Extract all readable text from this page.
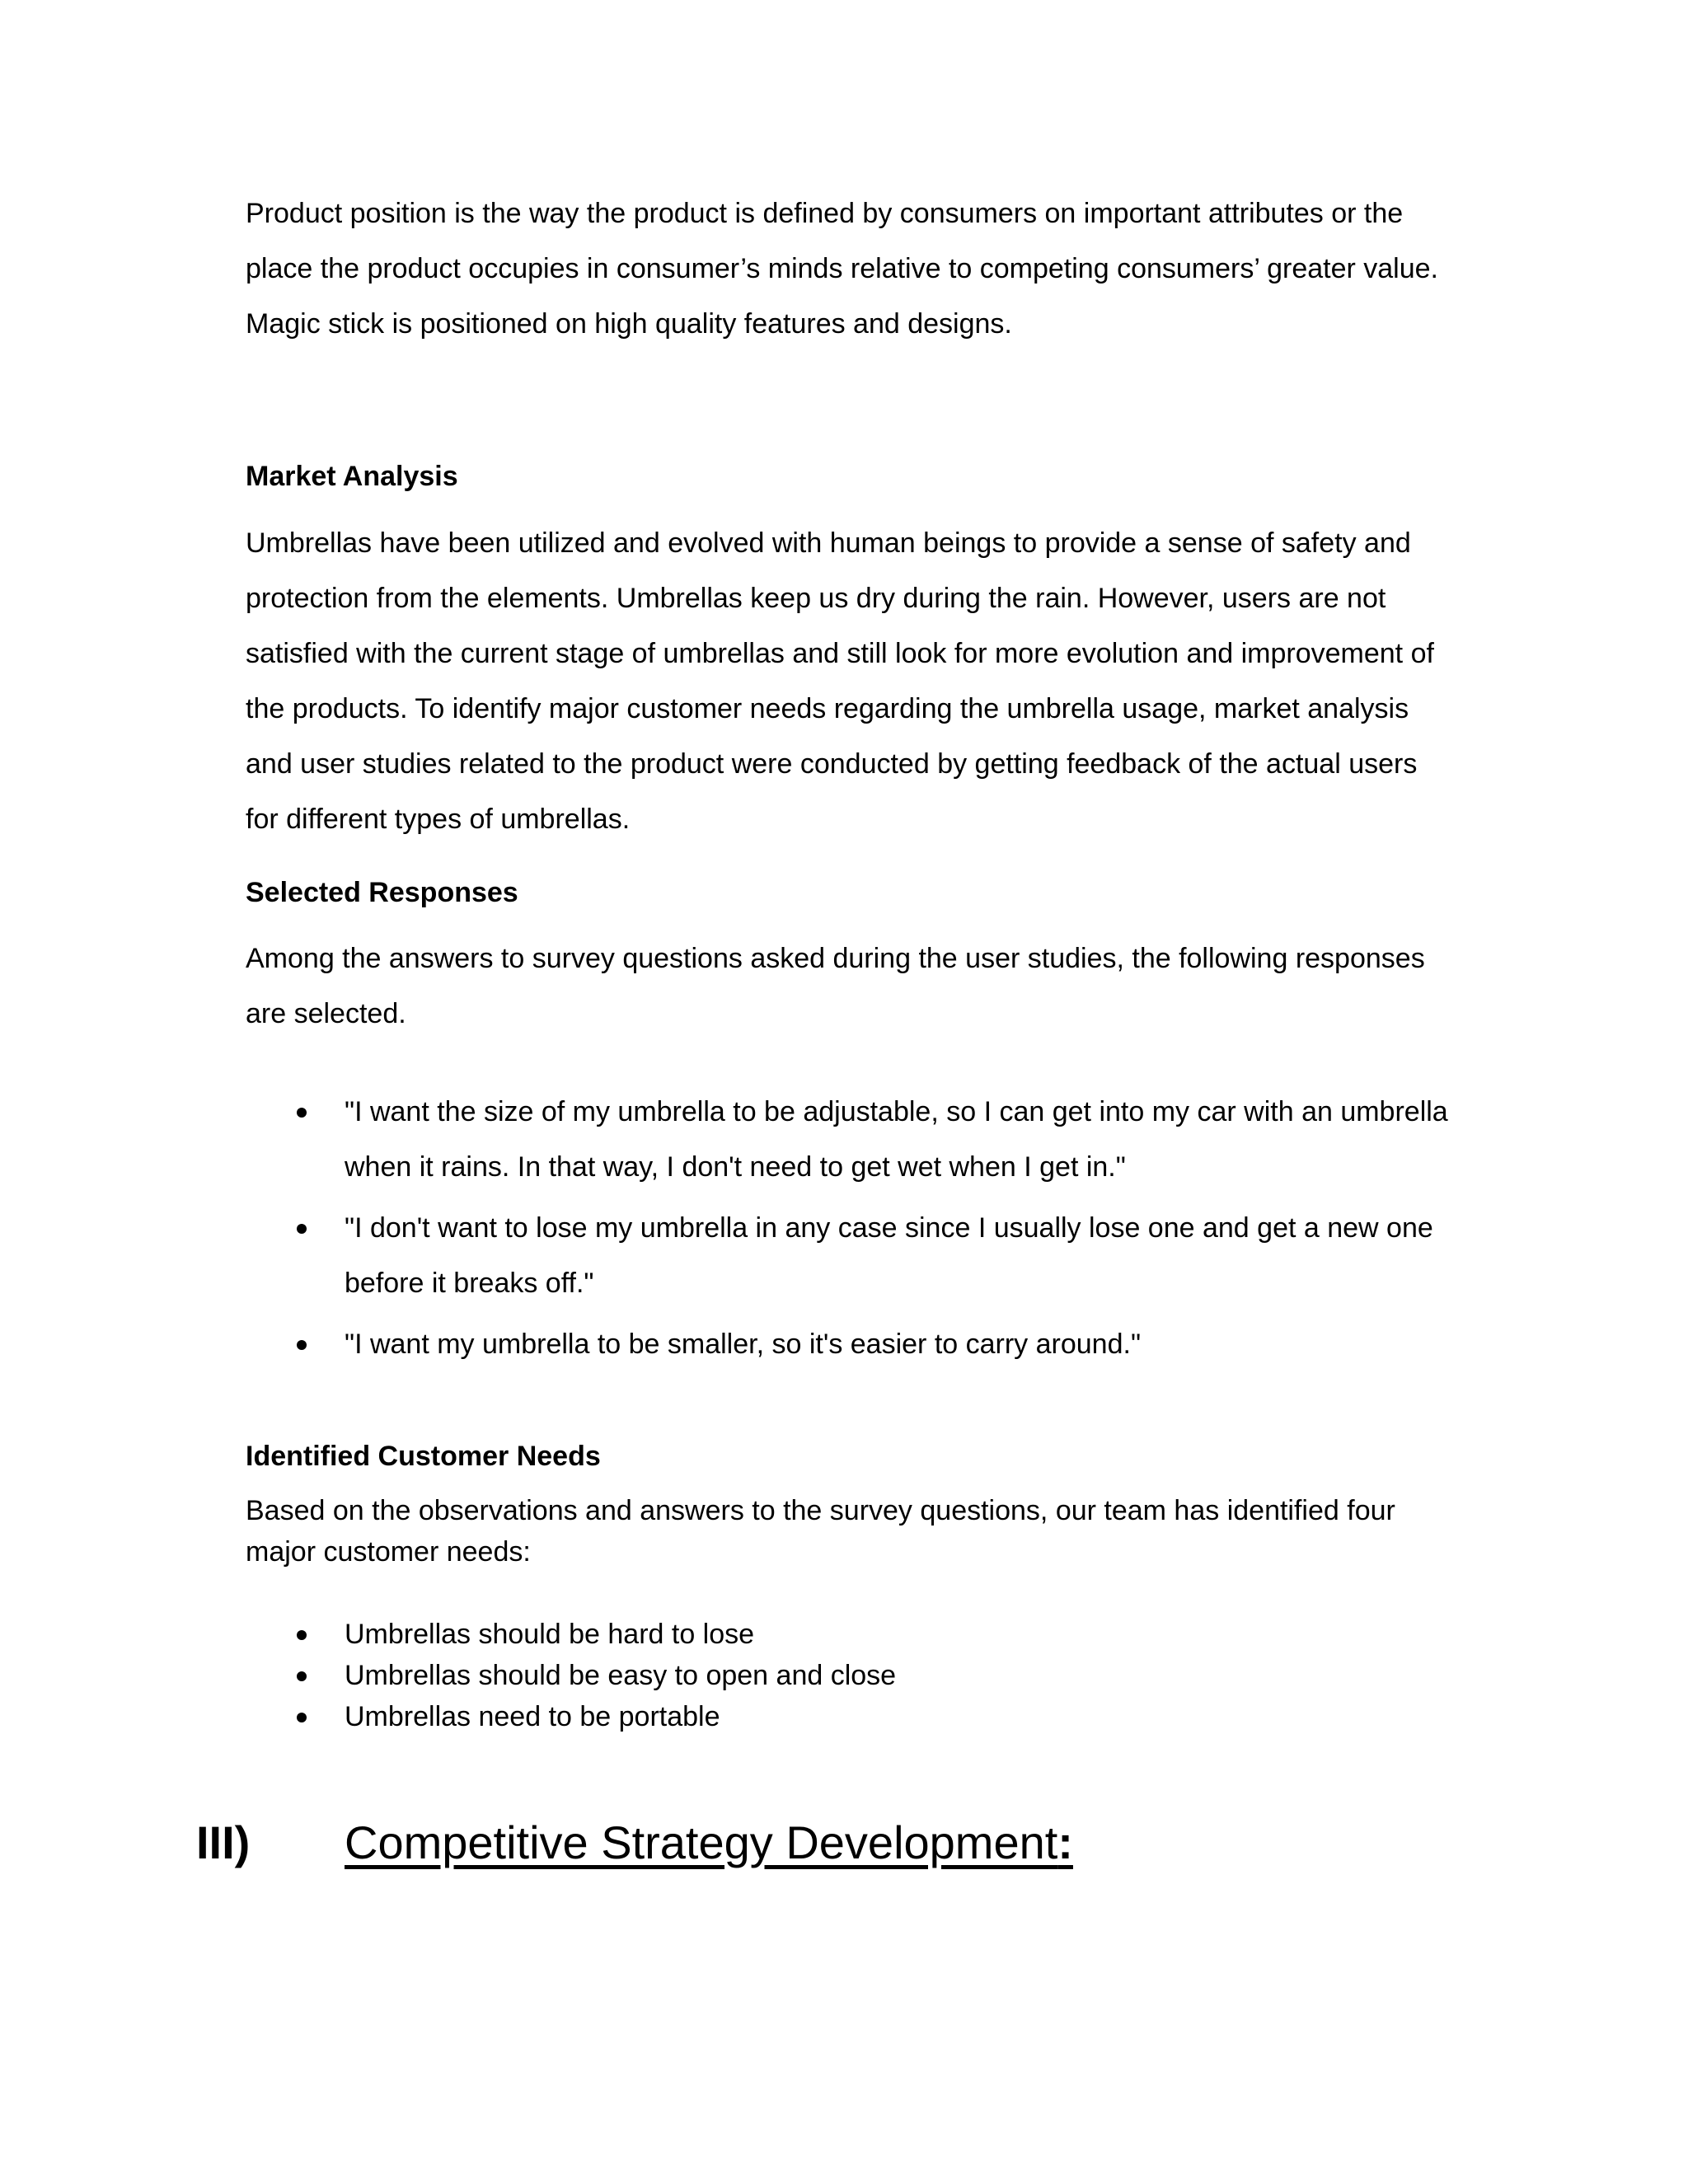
Product position is the way the product is defined by consumers on important attributes or the place the product occupies in consumer’s minds relative to competing consumers’ greater value. Magic stick is positioned on high quality features and designs.

Market Analysis

Umbrellas have been utilized and evolved with human beings to provide a sense of safety and protection from the elements. Umbrellas keep us dry during the rain. However, users are not satisfied with the current stage of umbrellas and still look for more evolution and improvement of the products. To identify major customer needs regarding the umbrella usage, market analysis and user studies related to the product were conducted by getting feedback of the actual users for different types of umbrellas.

Selected Responses

Among the answers to survey questions asked during the user studies, the following responses are selected.

"I want the size of my umbrella to be adjustable, so I can get into my car with an umbrella when it rains. In that way, I don't need to get wet when I get in."
"I don't want to lose my umbrella in any case since I usually lose one and get a new one before it breaks off."
"I want my umbrella to be smaller, so it's easier to carry around."
Identified Customer Needs

Based on the observations and answers to the survey questions, our team has identified four major customer needs:

Umbrellas should be hard to lose
Umbrellas should be easy to open and close
Umbrellas need to be portable
III) Competitive Strategy Development:
